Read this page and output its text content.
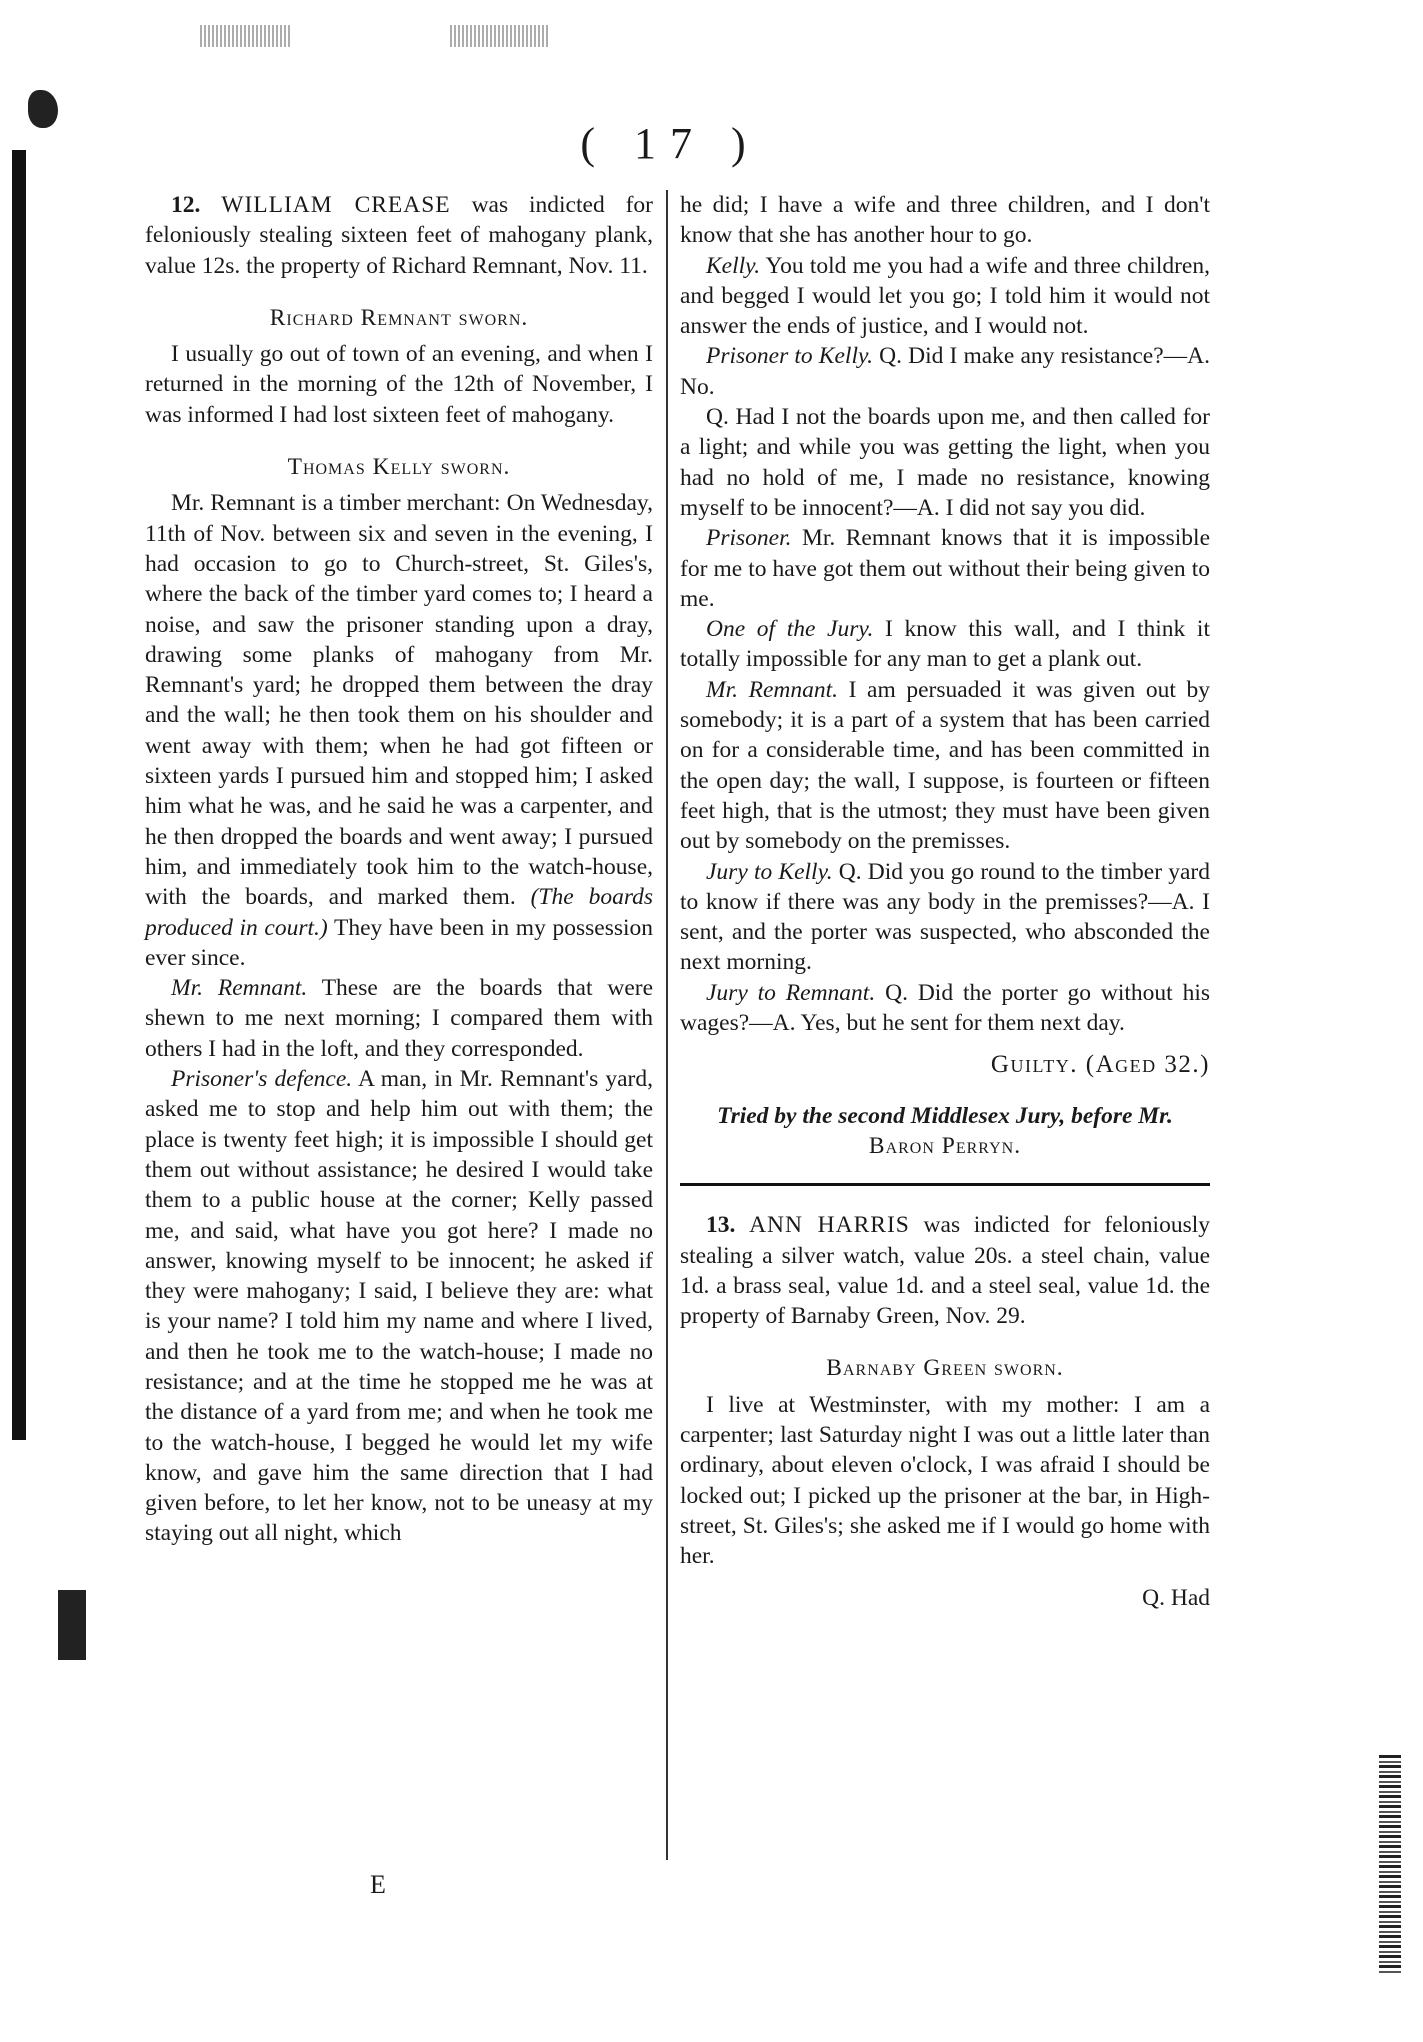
( 17 )

12. WILLIAM CREASE was indicted for feloniously stealing sixteen feet of mahogany plank, value 12s. the property of Richard Remnant, Nov. 11.

Richard Remnant sworn.

I usually go out of town of an evening, and when I returned in the morning of the 12th of November, I was informed I had lost sixteen feet of mahogany.

Thomas Kelly sworn.

Mr. Remnant is a timber merchant: On Wednesday, 11th of Nov. between six and seven in the evening, I had occasion to go to Church-street, St. Giles's, where the back of the timber yard comes to; I heard a noise, and saw the prisoner standing upon a dray, drawing some planks of mahogany from Mr. Remnant's yard; he dropped them between the dray and the wall; he then took them on his shoulder and went away with them; when he had got fifteen or sixteen yards I pursued him and stopped him; I asked him what he was, and he said he was a carpenter, and he then dropped the boards and went away; I pursued him, and immediately took him to the watch-house, with the boards, and marked them. (The boards produced in court.) They have been in my possession ever since.

Mr. Remnant. These are the boards that were shewn to me next morning; I compared them with others I had in the loft, and they corresponded.

Prisoner's defence. A man, in Mr. Remnant's yard, asked me to stop and help him out with them; the place is twenty feet high; it is impossible I should get them out without assistance; he desired I would take them to a public house at the corner; Kelly passed me, and said, what have you got here? I made no answer, knowing myself to be innocent; he asked if they were mahogany; I said, I believe they are: what is your name? I told him my name and where I lived, and then he took me to the watch-house; I made no resistance; and at the time he stopped me he was at the distance of a yard from me; and when he took me to the watch-house, I begged he would let my wife know, and gave him the same direction that I had given before, to let her know, not to be uneasy at my staying out all night, which

he did; I have a wife and three children, and I don't know that she has another hour to go.

Kelly. You told me you had a wife and three children, and begged I would let you go; I told him it would not answer the ends of justice, and I would not.

Prisoner to Kelly. Q. Did I make any resistance?—A. No.

Q. Had I not the boards upon me, and then called for a light; and while you was getting the light, when you had no hold of me, I made no resistance, knowing myself to be innocent?—A. I did not say you did.

Prisoner. Mr. Remnant knows that it is impossible for me to have got them out without their being given to me.

One of the Jury. I know this wall, and I think it totally impossible for any man to get a plank out.

Mr. Remnant. I am persuaded it was given out by somebody; it is a part of a system that has been carried on for a considerable time, and has been committed in the open day; the wall, I suppose, is fourteen or fifteen feet high, that is the utmost; they must have been given out by somebody on the premisses.

Jury to Kelly. Q. Did you go round to the timber yard to know if there was any body in the premisses?—A. I sent, and the porter was suspected, who absconded the next morning.

Jury to Remnant. Q. Did the porter go without his wages?—A. Yes, but he sent for them next day.

Guilty. (Aged 32.)
Tried by the second Middlesex Jury, before Mr.
Baron Perryn.

13. ANN HARRIS was indicted for feloniously stealing a silver watch, value 20s. a steel chain, value 1d. a brass seal, value 1d. and a steel seal, value 1d. the property of Barnaby Green, Nov. 29.

Barnaby Green sworn.

I live at Westminster, with my mother: I am a carpenter; last Saturday night I was out a little later than ordinary, about eleven o'clock, I was afraid I should be locked out; I picked up the prisoner at the bar, in High-street, St. Giles's; she asked me if I would go home with her.

Q. Had
E
